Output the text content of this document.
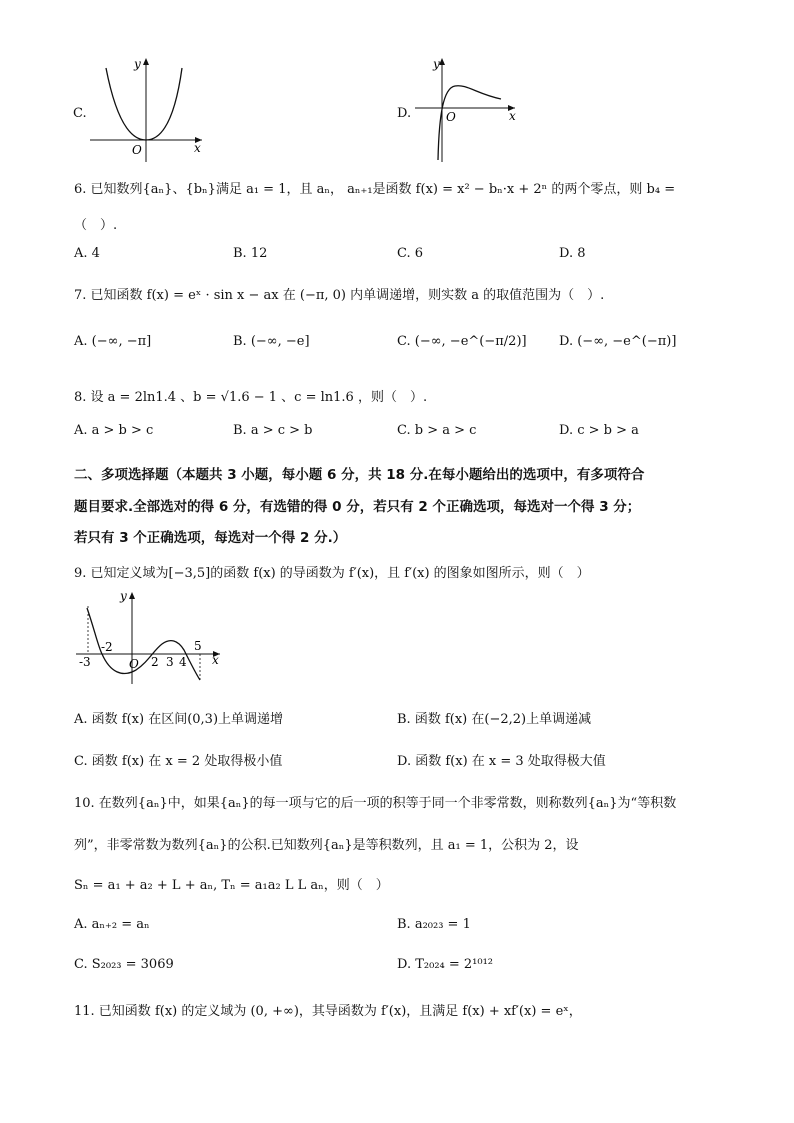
C.
y
x
O
D.
y
x
O
6. 已知数列{aₙ}、{bₙ}满足 a₁ = 1，且 aₙ， aₙ₊₁是函数 f(x) = x² − bₙ·x + 2ⁿ 的两个零点，则 b₄ =
（　）.
A. 4	B. 12	C. 6	D. 8
7. 已知函数 f(x) = eˣ · sin x − ax 在 (−π, 0) 内单调递增，则实数 a 的取值范围为（　）.
A. (−∞, −π]	B. (−∞, −e]	C. (−∞, −e^(−π/2)] D. (−∞, −e^(−π)]
8. 设 a = 2ln1.4 、b = √1.6 − 1 、c = ln1.6 ，则（　）.
A. a > b > c	B. a > c > b	C. b > a > c	D. c > b > a
二、多项选择题（本题共 3 小题，每小题 6 分，共 18 分.在每小题给出的选项中，有多项符合
题目要求.全部选对的得 6 分，有选错的得 0 分，若只有 2 个正确选项，每选对一个得 3 分；
若只有 3 个正确选项，每选对一个得 2 分.）
9. 已知定义域为[−3,5]的函数 f(x) 的导函数为 f′(x)，且 f′(x) 的图象如图所示，则（　）
y
x
O
-3
-2
2 3 4
5
A. 函数 f(x) 在区间(0,3)上单调递增	B. 函数 f(x) 在(−2,2)上单调递减
C. 函数 f(x) 在 x = 2 处取得极小值	D. 函数 f(x) 在 x = 3 处取得极大值
10. 在数列{aₙ}中，如果{aₙ}的每一项与它的后一项的积等于同一个非零常数，则称数列{aₙ}为“等积数
列”，非零常数为数列{aₙ}的公积.已知数列{aₙ}是等积数列，且 a₁ = 1，公积为 2，设
Sₙ = a₁ + a₂ + L + aₙ, Tₙ = a₁a₂ L L aₙ，则（　）
A. aₙ₊₂ = aₙ	B. a₂₀₂₃ = 1
C. S₂₀₂₃ = 3069	D. T₂₀₂₄ = 2¹⁰¹²
11. 已知函数 f(x) 的定义域为 (0, +∞)，其导函数为 f′(x)，且满足 f(x) + xf′(x) = eˣ，
